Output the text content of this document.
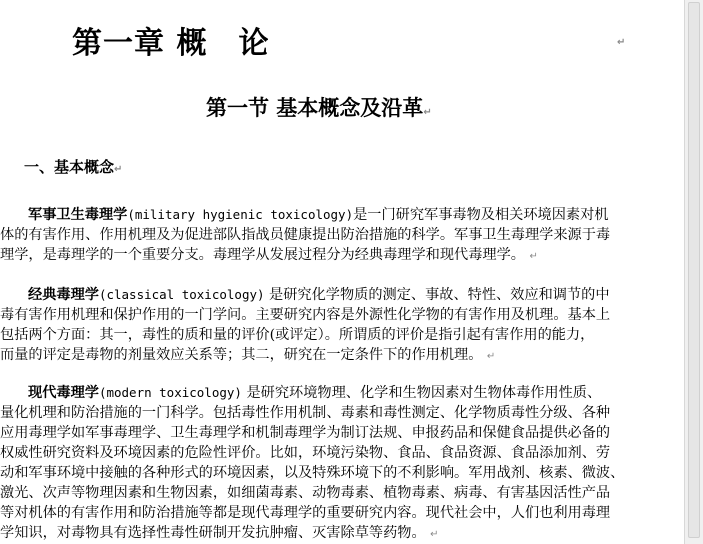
第一章 概　论	↵
第一节 基本概念及沿革↵
一、基本概念↵
军事卫生毒理学(military hygienic toxicology)是一门研究军事毒物及相关环境因素对机
体的有害作用、作用机理及为促进部队指战员健康提出防治措施的科学。军事卫生毒理学来源于毒
理学，是毒理学的一个重要分支。毒理学从发展过程分为经典毒理学和现代毒理学。 ↵
经典毒理学(classical toxicology) 是研究化学物质的测定、事故、特性、效应和调节的中
毒有害作用机理和保护作用的一门学问。主要研究内容是外源性化学物的有害作用及机理。基本上
包括两个方面：其一，毒性的质和量的评价(或评定）。所谓质的评价是指引起有害作用的能力，
而量的评定是毒物的剂量效应关系等；其二，研究在一定条件下的作用机理。 ↵
现代毒理学(modern toxicology) 是研究环境物理、化学和生物因素对生物体毒作用性质、
量化机理和防治措施的一门科学。包括毒性作用机制、毒素和毒性测定、化学物质毒性分级、各种
应用毒理学如军事毒理学、卫生毒理学和机制毒理学为制订法规、申报药品和保健食品提供必备的
权威性研究资料及环境因素的危险性评价。比如，环境污染物、食品、食品资源、食品添加剂、劳
动和军事环境中接触的各种形式的环境因素，以及特殊环境下的不利影响。军用战剂、核素、微波、
激光、次声等物理因素和生物因素，如细菌毒素、动物毒素、植物毒素、病毒、有害基因活性产品
等对机体的有害作用和防治措施等都是现代毒理学的重要研究内容。现代社会中，人们也利用毒理
学知识，对毒物具有选择性毒性研制开发抗肿瘤、灭害除草等药物。 ↵
